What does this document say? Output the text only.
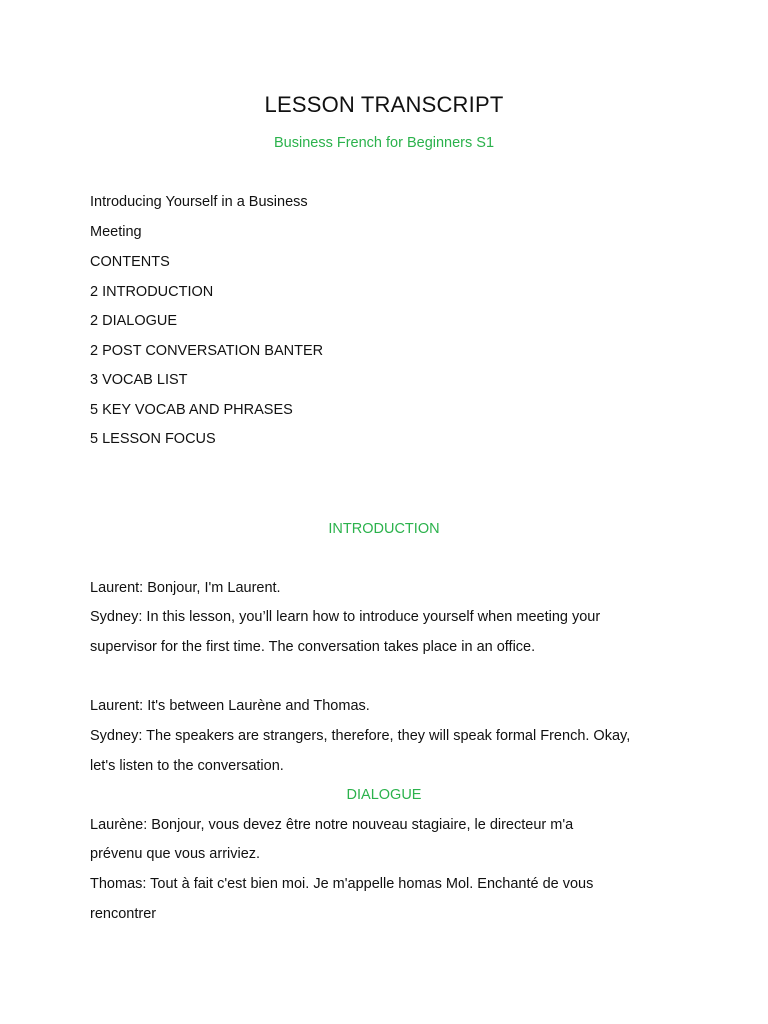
LESSON TRANSCRIPT
Business French for Beginners S1
Introducing Yourself in a Business
Meeting
CONTENTS
2 INTRODUCTION
2 DIALOGUE
2 POST CONVERSATION BANTER
3 VOCAB LIST
5 KEY VOCAB AND PHRASES
5 LESSON FOCUS
INTRODUCTION
Laurent: Bonjour, I'm Laurent.
Sydney: In this lesson, you’ll learn how to introduce yourself when meeting your
supervisor for the first time. The conversation takes place in an office.
Laurent: It's between Laurène and Thomas.
Sydney: The speakers are strangers, therefore, they will speak formal French. Okay,
let's listen to the conversation.
DIALOGUE
Laurène: Bonjour, vous devez être notre nouveau stagiaire, le directeur m'a
prévenu que vous arriviez.
Thomas: Tout à fait c'est bien moi. Je m'appelle homas Mol. Enchanté de vous
rencontrer
